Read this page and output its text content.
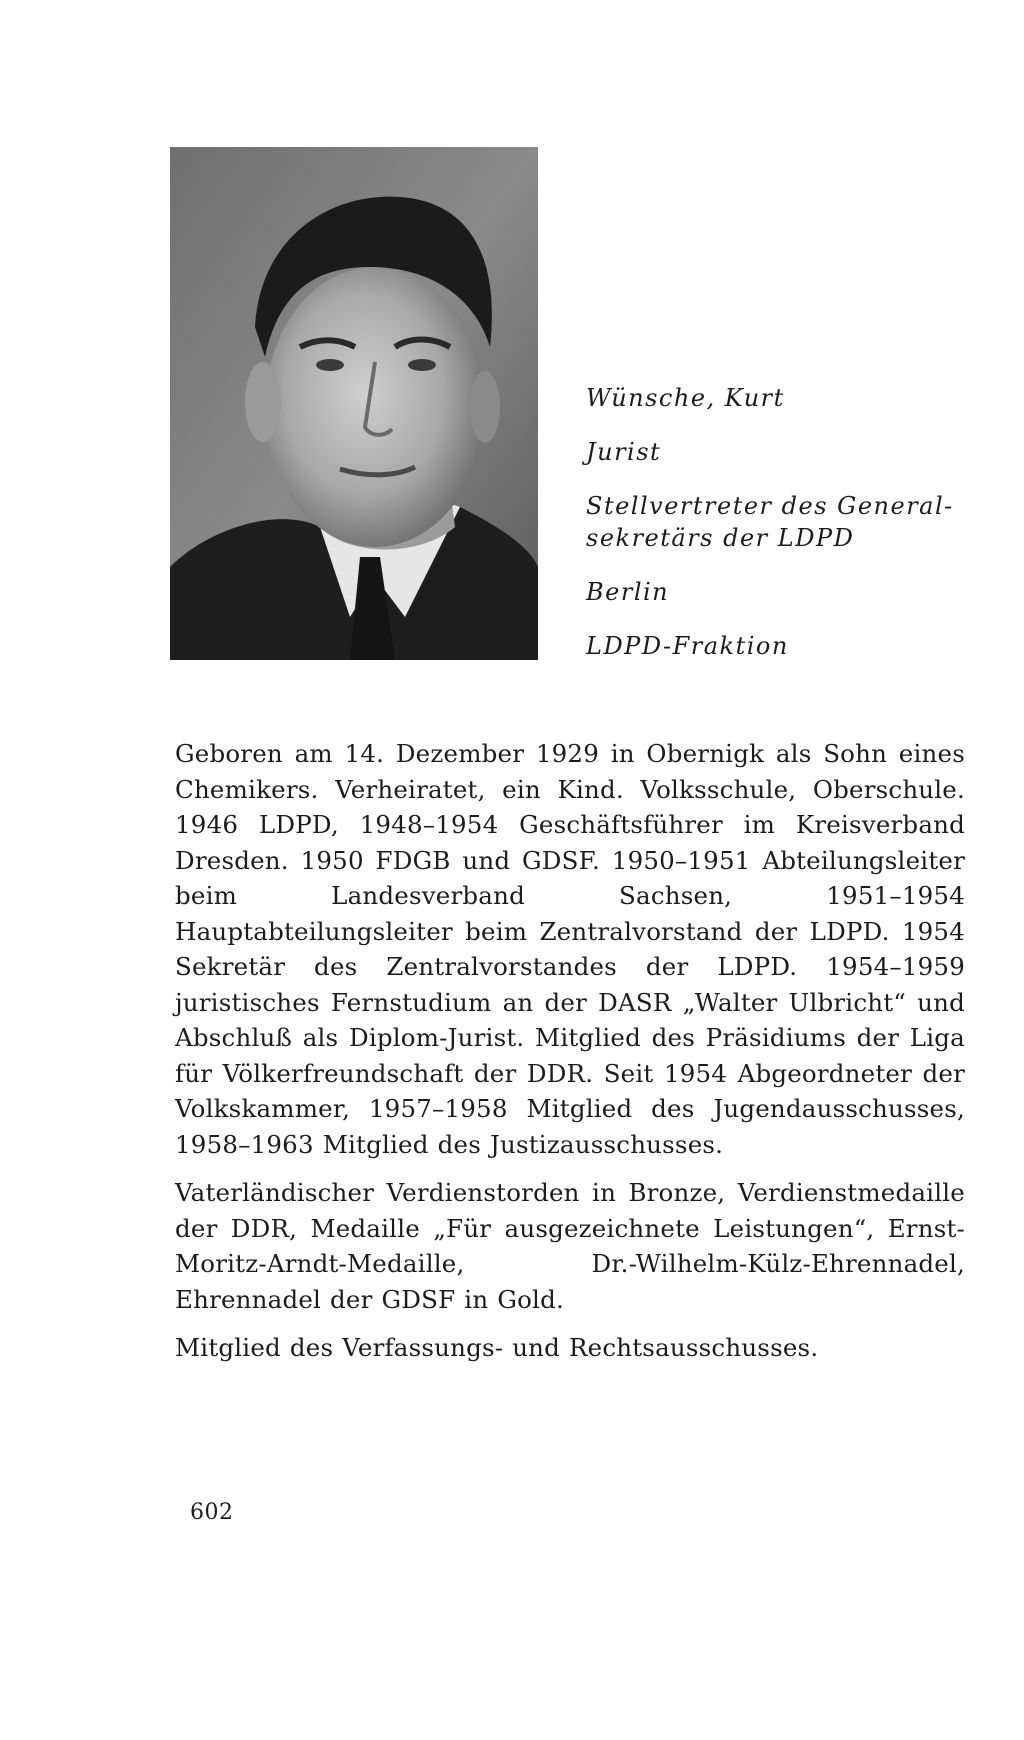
Wünsche, Kurt
Jurist
Stellvertreter des General-
sekretärs der LDPD
Berlin
LDPD-Fraktion

Geboren am 14. Dezember 1929 in Obernigk als Sohn eines Chemikers. Verheiratet, ein Kind. Volksschule, Oberschule. 1946 LDPD, 1948–1954 Geschäftsführer im Kreisverband Dresden. 1950 FDGB und GDSF. 1950–1951 Abteilungsleiter beim Landesverband Sachsen, 1951–1954 Hauptabteilungsleiter beim Zentralvorstand der LDPD. 1954 Sekretär des Zentralvorstandes der LDPD. 1954–1959 juristisches Fernstudium an der DASR „Walter Ulbricht“ und Abschluß als Diplom-Jurist. Mitglied des Präsidiums der Liga für Völkerfreundschaft der DDR. Seit 1954 Abgeordneter der Volkskammer, 1957–1958 Mitglied des Jugendausschusses, 1958–1963 Mitglied des Justizausschusses.

Vaterländischer Verdienstorden in Bronze, Verdienstmedaille der DDR, Medaille „Für ausgezeichnete Leistungen“, Ernst-Moritz-Arndt-Medaille, Dr.-Wilhelm-Külz-Ehrennadel, Ehrennadel der GDSF in Gold.

Mitglied des Verfassungs- und Rechtsausschusses.

602
